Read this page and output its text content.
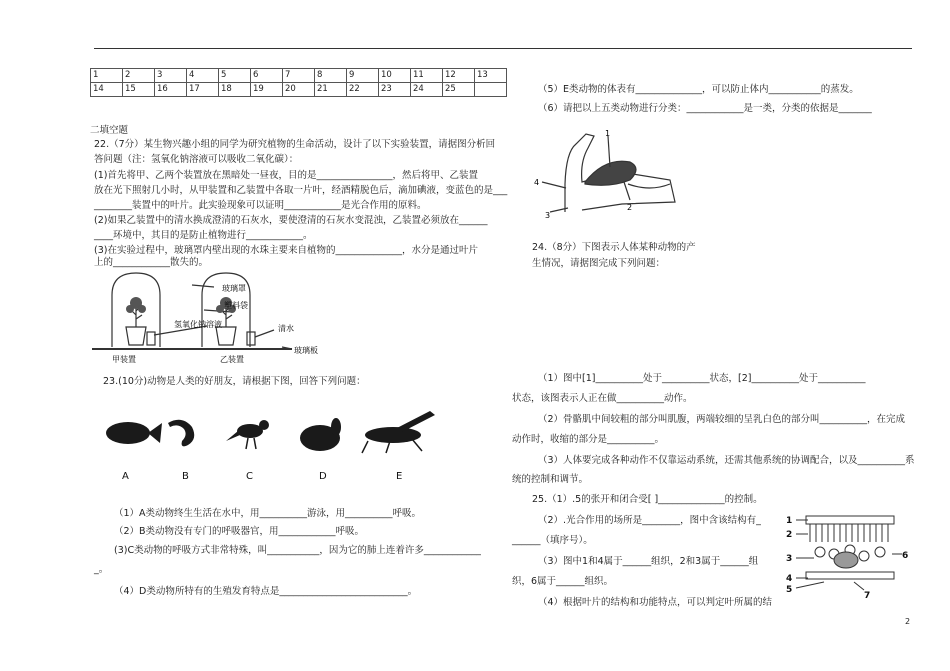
1	2	3	4	5	6	7	8	9	10	11	12	13
14	15	16	17	18	19	20	21	22	23	24	25	
二填空题
22.（7分）某生物兴趣小组的同学为研究植物的生命活动，设计了以下实验装置，请据图分析回
答问题（注：氢氧化钠溶液可以吸收二氧化碳）：
(1)首先将甲、乙两个装置放在黑暗处一昼夜，目的是________________，然后将甲、乙装置
放在光下照射几小时，从甲装置和乙装置中各取一片叶，经酒精脱色后，滴加碘液，变蓝色的是___
________装置中的叶片。此实验现象可以证明____________是光合作用的原料。
(2)如果乙装置中的清水换成澄清的石灰水，要使澄清的石灰水变混浊，乙装置必须放在______
____环境中，其目的是防止植物进行____________。
(3)在实验过程中，玻璃罩内壁出现的水珠主要来自植物的______________，水分是通过叶片
上的____________散失的。
玻璃罩
塑料袋
氢氧化钠溶液	清水
玻璃板
甲装置	乙装置
23.(10分)动物是人类的好朋友，请根据下图，回答下列问题：
A	B	C	D	E
（1）A类动物终生生活在水中，用__________游泳，用__________呼吸。
（2）B类动物没有专门的呼吸器官，用____________呼吸。
(3)C类动物的呼吸方式非常特殊，叫___________，因为它的肺上连着许多____________
_。
（4）D类动物所特有的生殖发育特点是___________________________。
（5）E类动物的体表有______________，可以防止体内___________的蒸发。
（6）请把以上五类动物进行分类：____________是一类，分类的依据是_______
1
2
3
4
24.（8分）下图表示人体某种动物的产
生情况，请据图完成下列问题：
（1）图中[1]__________处于__________状态，[2]__________处于__________
状态，该图表示人正在做__________动作。
（2）骨骼肌中间较粗的部分叫肌腹，两端较细的呈乳白色的部分叫__________，在完成
动作时，收缩的部分是__________。
（3）人体要完成各种动作不仅靠运动系统，还需其他系统的协调配合，以及__________系
统的控制和调节。
25.（1）.5的张开和闭合受[ ]______________的控制。
（2）.光合作用的场所是________，图中含该结构有_
______（填序号）。
（3）图中1和4属于______组织，2和3属于______组
织，6属于______组织。
（4）根据叶片的结构和功能特点，可以判定叶所属的结
1
2
3
4
5
6
7
2
